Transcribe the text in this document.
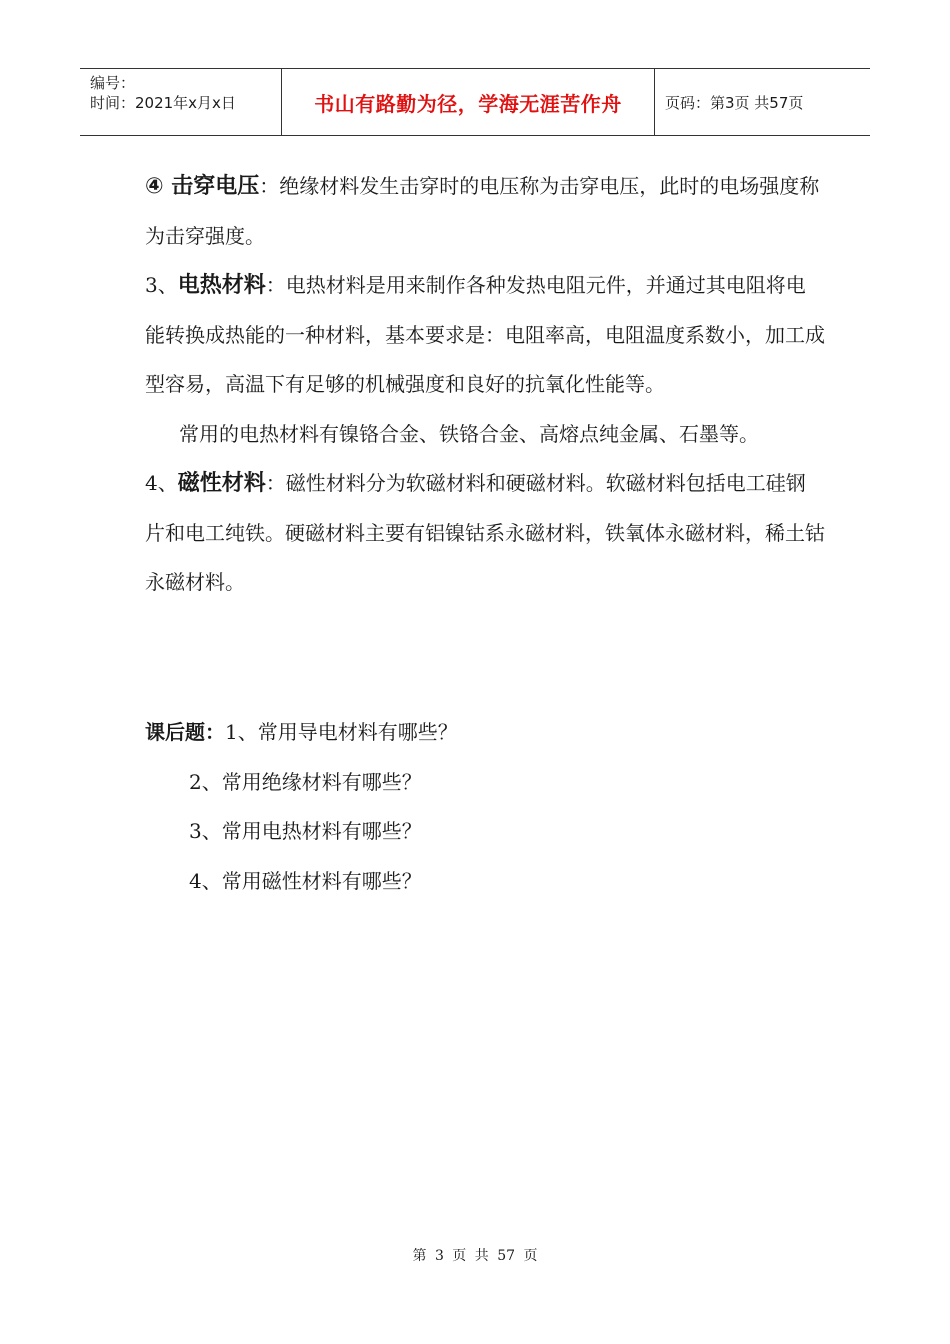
编号：
时间：2021年x月x日	书山有路勤为径，学海无涯苦作舟	页码：第3页 共57页

④ 击穿电压：绝缘材料发生击穿时的电压称为击穿电压，此时的电场强度称为击穿强度。

3、电热材料：电热材料是用来制作各种发热电阻元件，并通过其电阻将电能转换成热能的一种材料，基本要求是：电阻率高，电阻温度系数小，加工成型容易，高温下有足够的机械强度和良好的抗氧化性能等。

常用的电热材料有镍铬合金、铁铬合金、高熔点纯金属、石墨等。

4、磁性材料：磁性材料分为软磁材料和硬磁材料。软磁材料包括电工硅钢片和电工纯铁。硬磁材料主要有铝镍钴系永磁材料，铁氧体永磁材料，稀土钴永磁材料。

课后题：1、常用导电材料有哪些？

2、常用绝缘材料有哪些？

3、常用电热材料有哪些？

4、常用磁性材料有哪些？

第 3 页 共 57 页
